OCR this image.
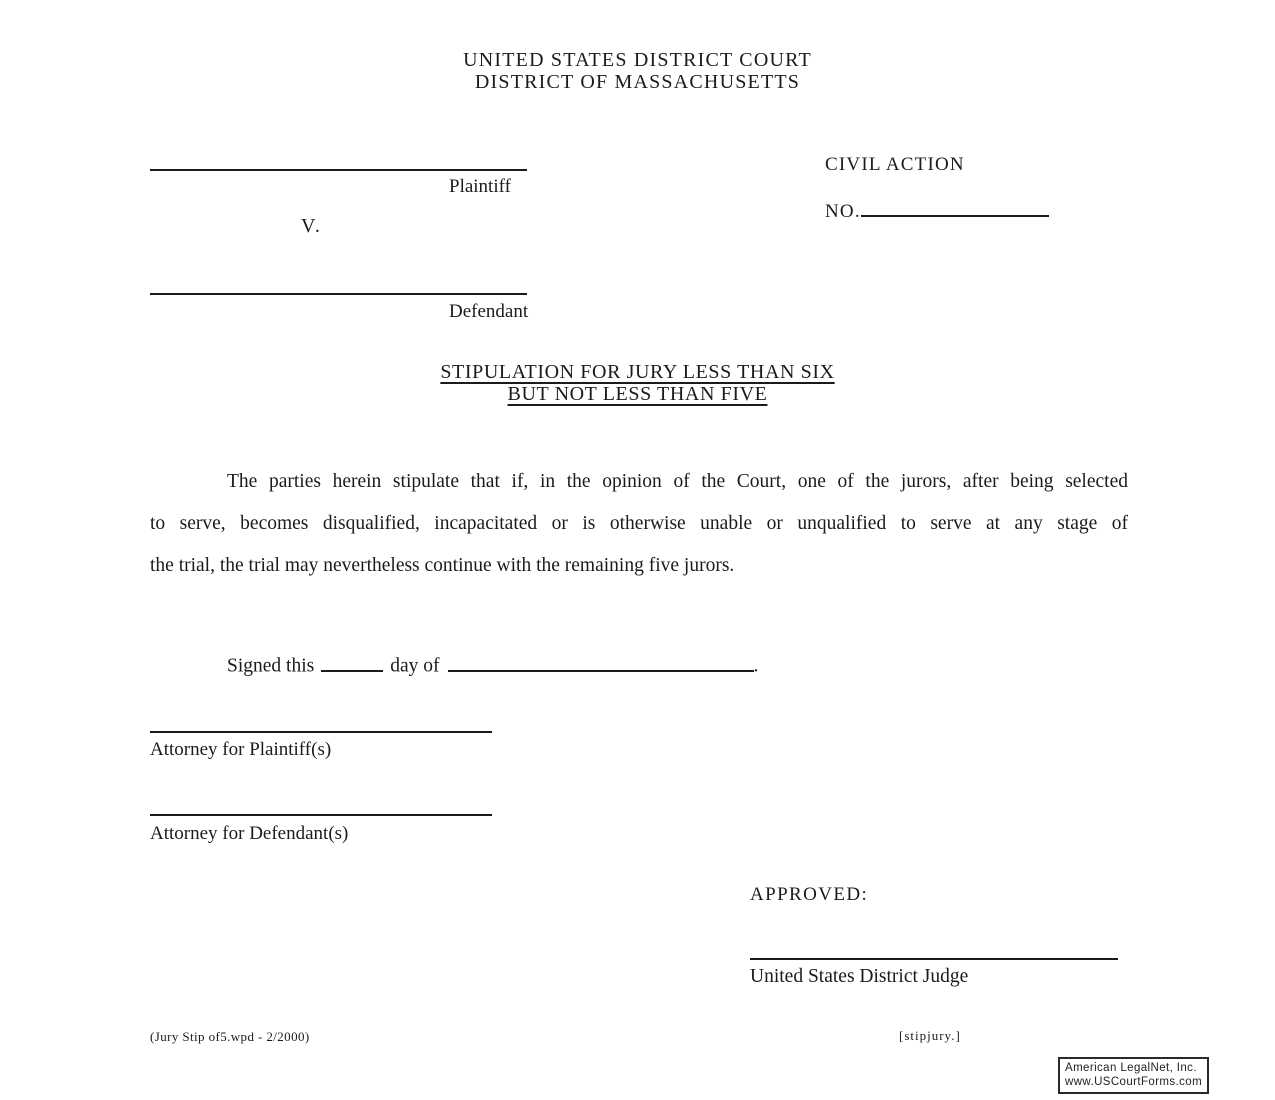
UNITED STATES DISTRICT COURT
DISTRICT OF MASSACHUSETTS
Plaintiff
V.
Defendant
CIVIL ACTION
NO.
STIPULATION FOR JURY LESS THAN SIX
BUT NOT LESS THAN FIVE
The parties herein stipulate that if, in the opinion of the Court, one of the jurors, after being selected
to serve, becomes disqualified, incapacitated or is otherwise unable or unqualified to serve at any stage of
the trial, the trial may nevertheless continue with the remaining five jurors.
Signed this	day of	.
Attorney for Plaintiff(s)
Attorney for Defendant(s)
APPROVED:
United States District Judge
(Jury Stip of5.wpd - 2/2000)	[stipjury.]
American LegalNet, Inc.
www.USCourtForms.com
